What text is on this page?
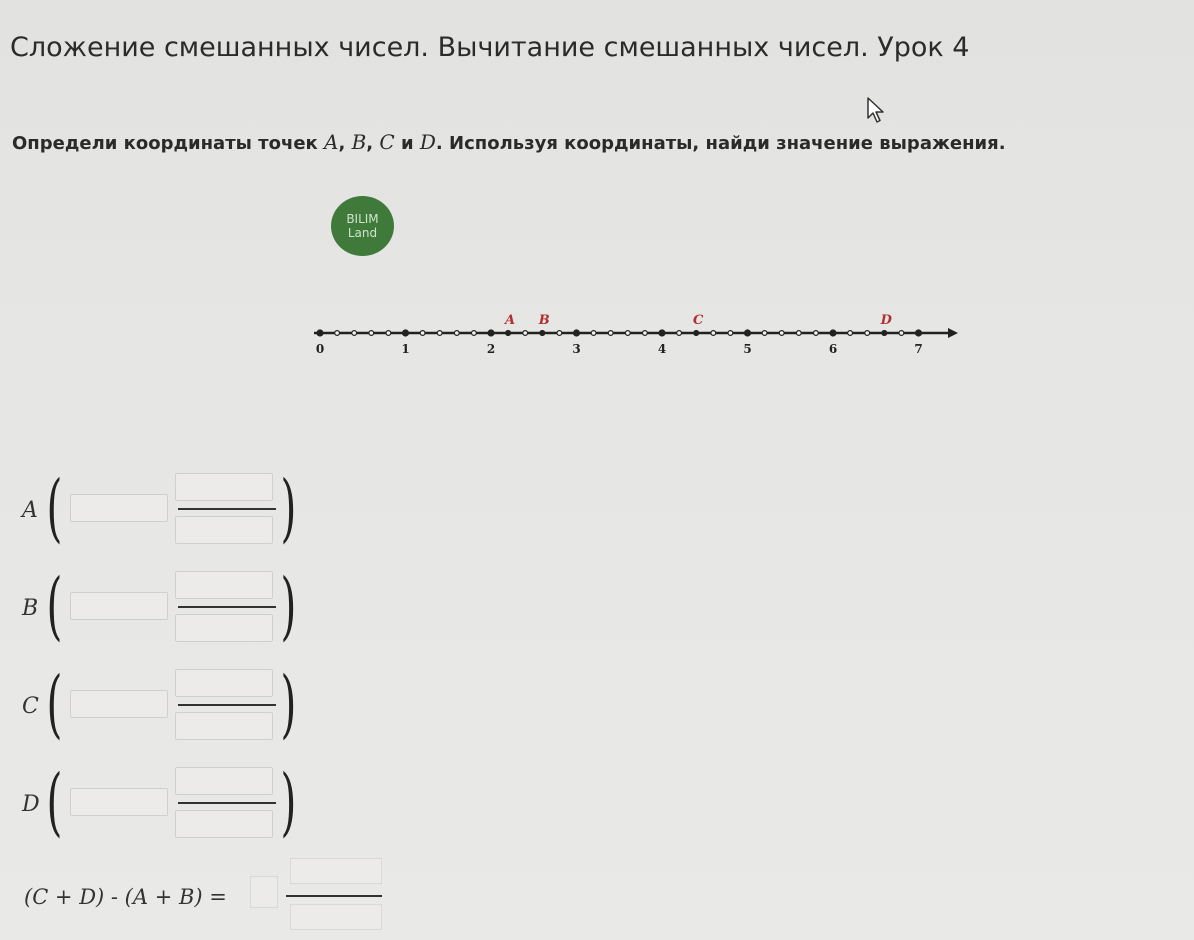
Сложение смешанных чисел. Вычитание смешанных чисел. Урок 4
Определи координаты точек A, B, C и D. Используя координаты, найди значение выражения.
BILIM
Land
0	1	2	3	4	5	6	7
A B	C	D
A (	)
B (	)
C (	)
D (	)
(C + D) - (A + B) =
